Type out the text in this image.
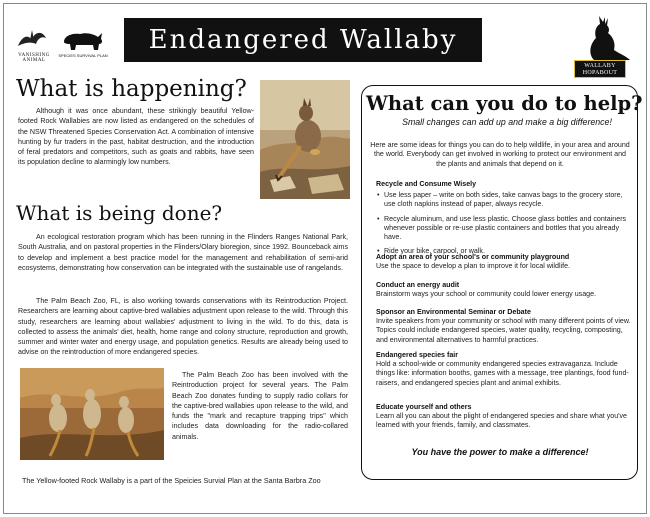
VANISHING ANIMAL
SPECIES SURVIVAL PLAN
Endangered Wallaby
WALLABY
HOPABOUT
What is happening?

Although it was once abundant, these strikingly beautiful Yellow-footed Rock Wallabies are now listed as endangered on the schedules of the NSW Threatened Species Conservation Act. A combination of intensive hunting by fur traders in the past, habitat destruction, and the introduction of feral predators and competitors, such as goats and rabbits, have seen its population decline to alarmingly low numbers.

What is being done?

An ecological restoration program which has been running in the Flinders Ranges National Park, South Australia, and on pastoral properties in the Flinders/Olary bioregion, since 1992. Bounceback aims to develop and implement a best practice model for the management and rehabilitation of semi-arid ecosystems, demonstrating how conservation can be integrated with the sustainable use of rangelands.

The Palm Beach Zoo, FL, is also working towards conservations with its Reintroduction Project. Researchers are learning about captive-bred wallabies adjustment upon release to the wild. Through this study, researchers are learning about wallabies' adjustment to living in the wild. To do this, data is collected to assess the animals' diet, health, home range and colony structure, reproduction and growth, summer and winter water and energy usage, and population genetics. Results are already being used to advise on the reintroduction of more endangered species.

The Palm Beach Zoo has been involved with the Reintroduction project for several years. The Palm Beach Zoo donates funding to supply radio collars for the captive-bred wallabies upon release to the wild, and funds the "mark and recapture trapping trips" which includes data downloading for the radio-collared animals.

The Yellow-footed Rock Wallaby is a part of the Speicies Survial Plan at the Santa Barbra Zoo

What can you do to help?

Small changes can add up and make a big difference!

Here are some ideas for things you can do to help wildlife, in your area and around the world. Everybody can get involved in working to protect our environment and the plants and animals that depend on it.

Recycle and Consume Wisely
• Use less paper – write on both sides, take canvas bags to the grocery store, use cloth napkins instead of paper, always recycle.
• Recycle aluminum, and use less plastic. Choose glass bottles and containers whenever possible or re-use plastic containers and bottles that you already have.
• Ride your bike, carpool, or walk.
Adopt an area of your school's or community playground
Use the space to develop a plan to improve it for local wildlife.
Conduct an energy audit
Brainstorm ways your school or community could lower energy usage.
Sponsor an Environmental Seminar or Debate
Invite speakers from your community or school with many different points of view. Topics could include endangered species, water quality, recycling, composting, and environmental alternatives to harmful practices.
Endangered species fair
Hold a school-wide or community endangered species extravaganza. Include things like: information booths, games with a message, tree plantings, food fund-raisers, and endangered species plant and animal exhibits.
Educate yourself and others
Learn all you can about the plight of endangered species and share what you've learned with your friends, family, and classmates.

You have the power to make a difference!
